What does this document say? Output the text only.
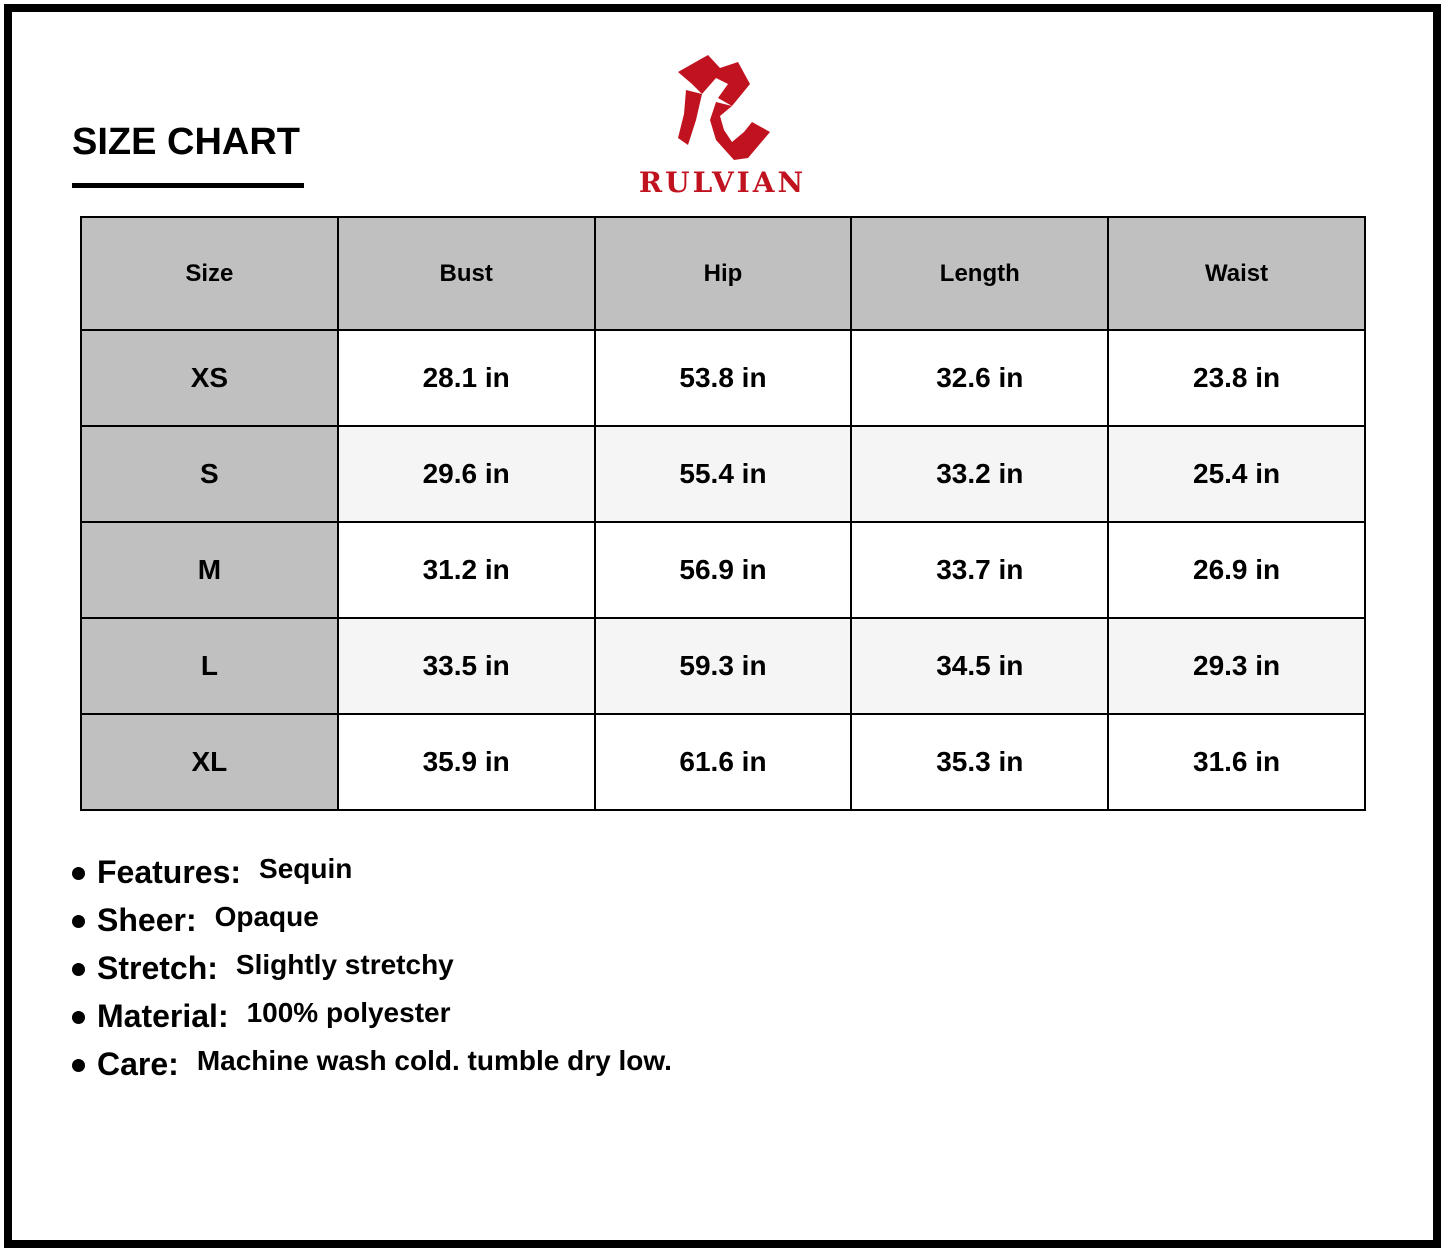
SIZE CHART
RULVIAN
Size	Bust	Hip	Length	Waist
XS	28.1 in	53.8 in	32.6 in	23.8 in
S	29.6 in	55.4 in	33.2 in	25.4 in
M	31.2 in	56.9 in	33.7 in	26.9 in
L	33.5 in	59.3 in	34.5 in	29.3 in
XL	35.9 in	61.6 in	35.3 in	31.6 in
Features: Sequin
Sheer: Opaque
Stretch: Slightly stretchy
Material: 100% polyester
Care: Machine wash cold. tumble dry low.
